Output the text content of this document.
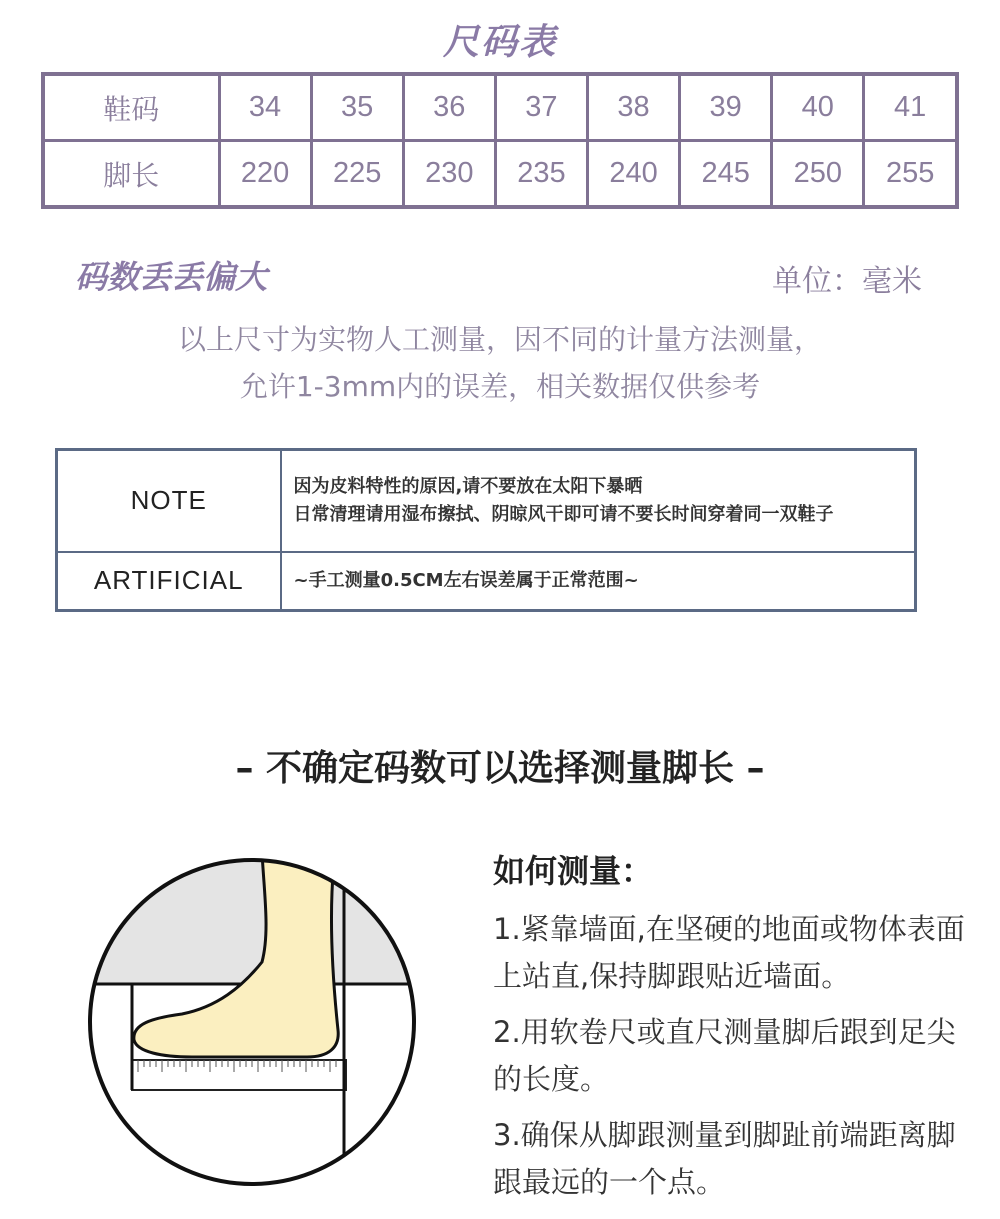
尺码表
鞋码	34	35	36	37	38	39	40	41
脚长	220	225	230	235	240	245	250	255
码数丢丢偏大	单位：毫米
以上尺寸为实物人工测量，因不同的计量方法测量，
允许1-3mm内的误差，相关数据仅供参考
NOTE	因为皮料特性的原因,请不要放在太阳下暴晒
日常清理请用湿布擦拭、阴晾风干即可请不要长时间穿着同一双鞋子

ARTIFICIAL	~手工测量0.5CM左右误差属于正常范围~
– 不确定码数可以选择测量脚长 –
如何测量：
1.紧靠墙面,在坚硬的地面或物体表面上站直,保持脚跟贴近墙面。
2.用软卷尺或直尺测量脚后跟到足尖的长度。
3.确保从脚跟测量到脚趾前端距离脚跟最远的一个点。
